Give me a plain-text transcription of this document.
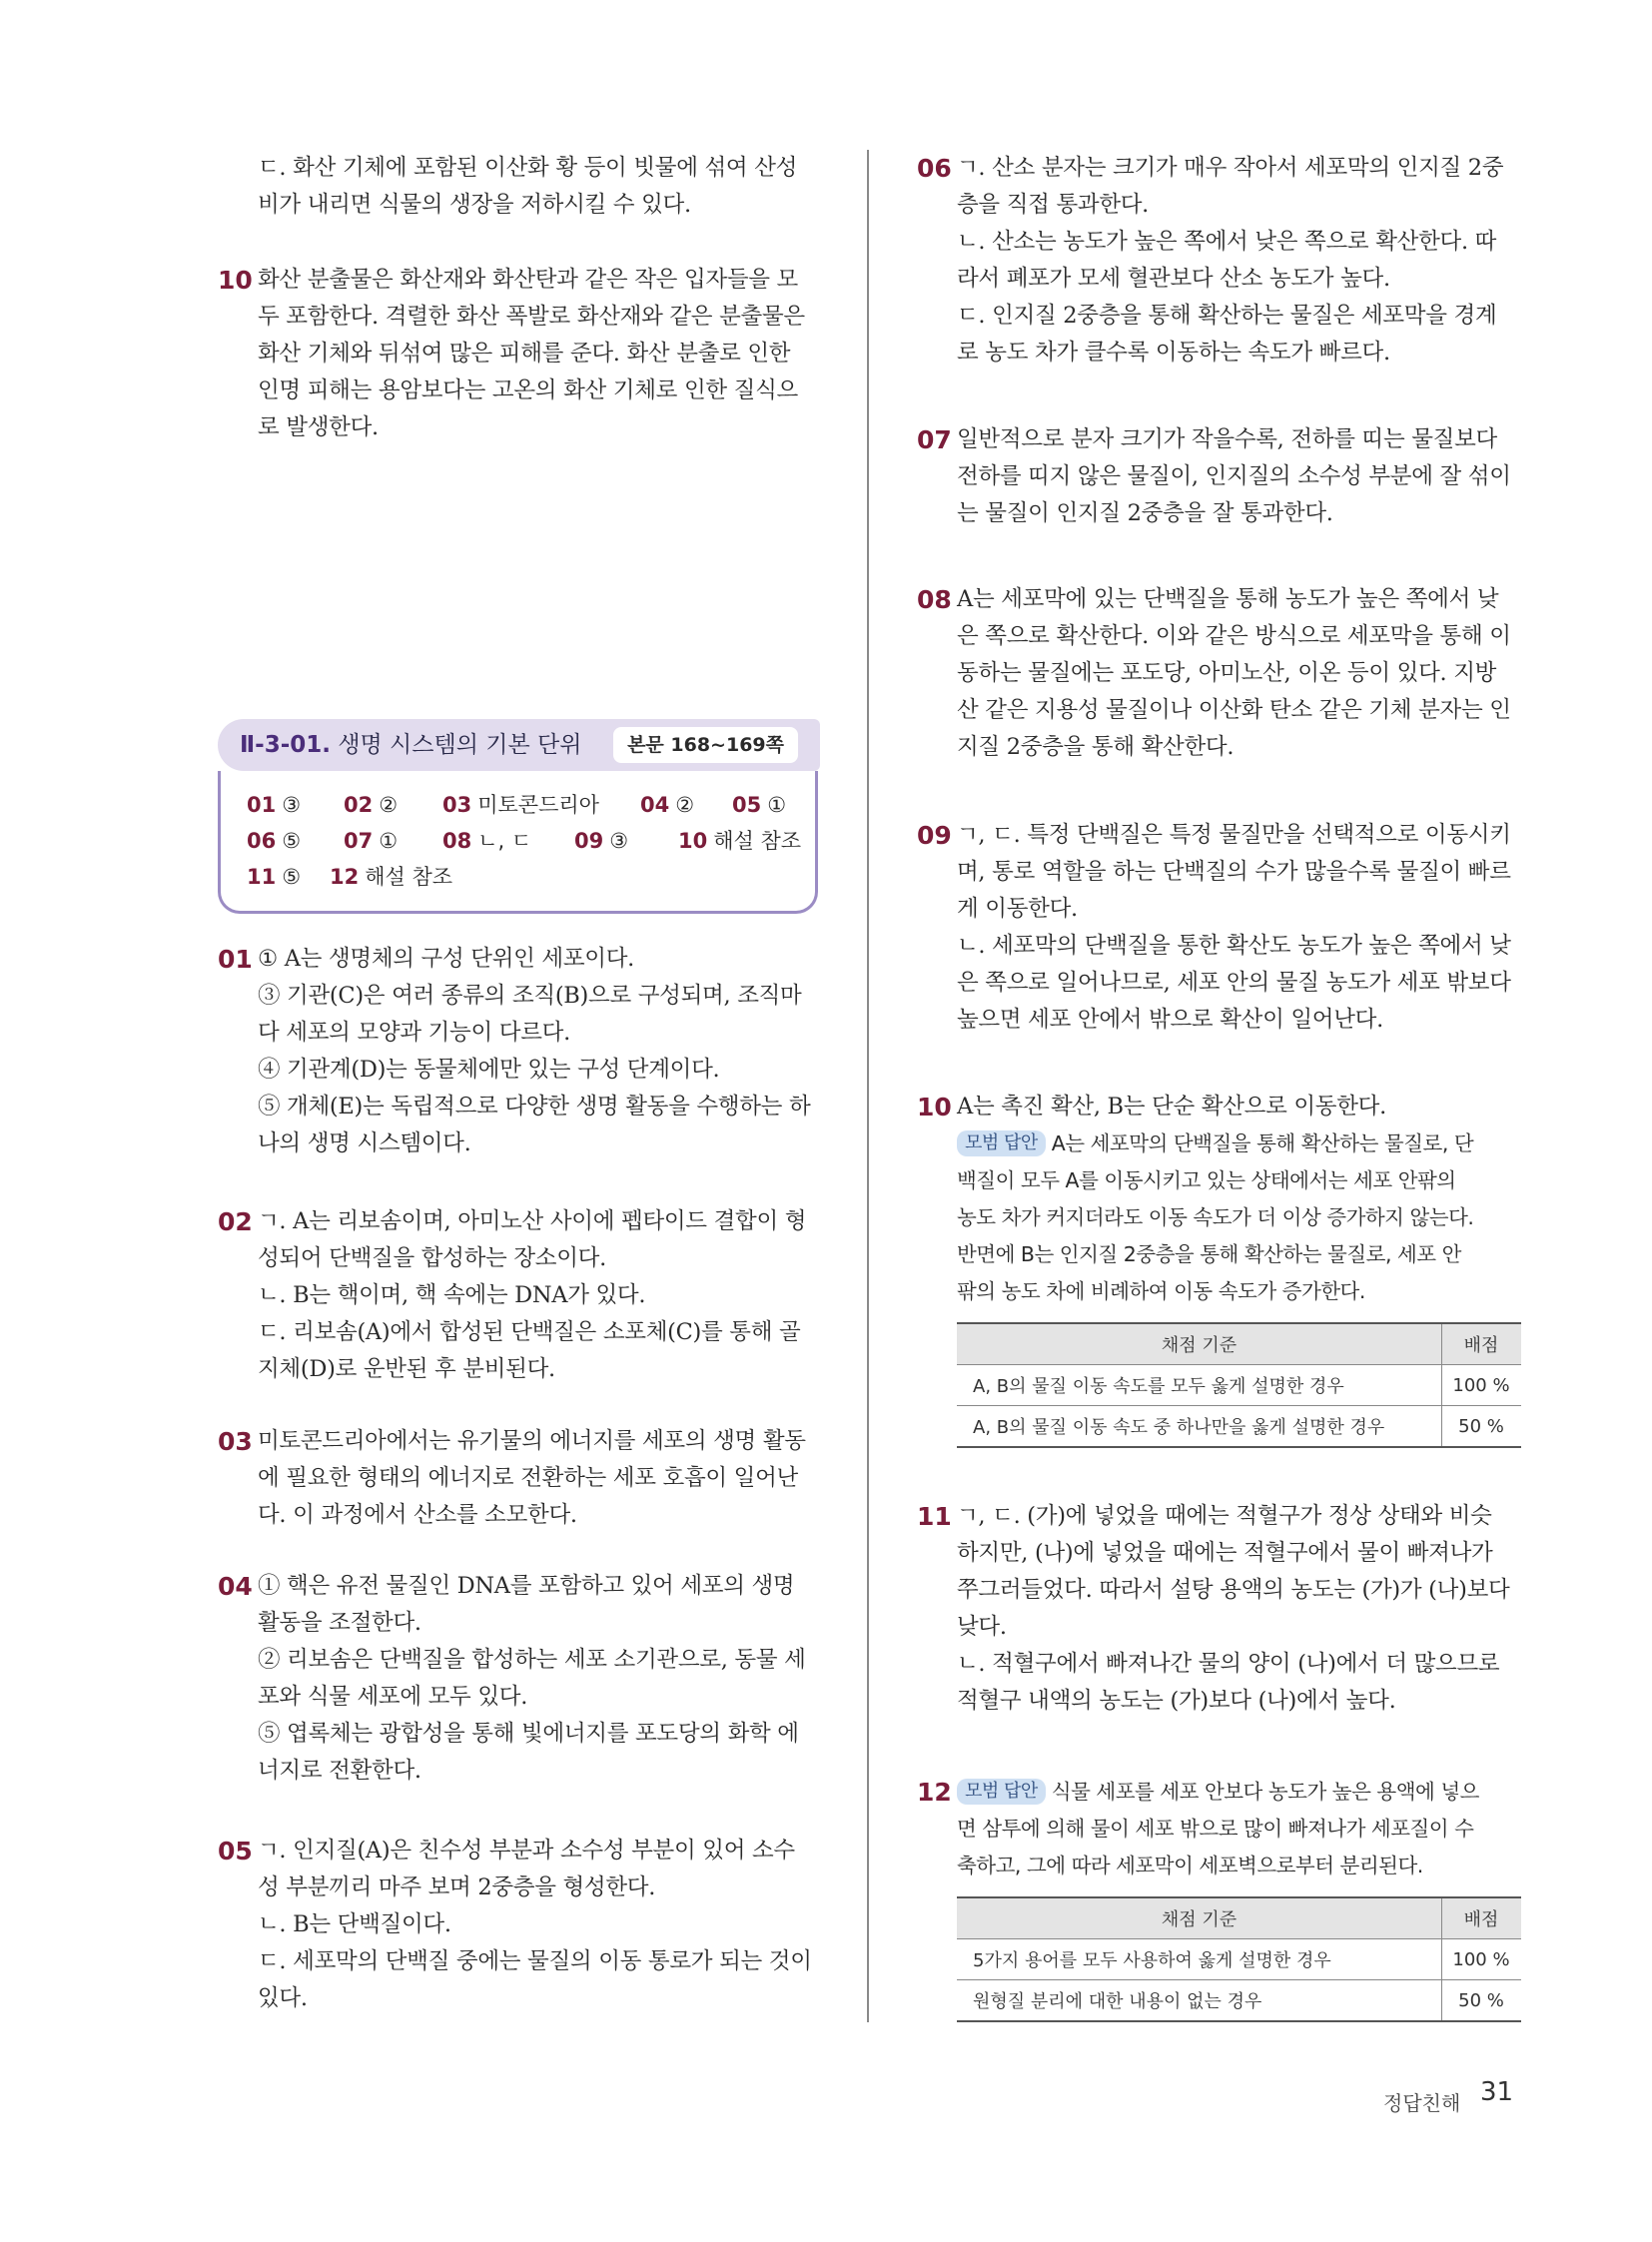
ㄷ. 화산 기체에 포함된 이산화 황 등이 빗물에 섞여 산성
비가 내리면 식물의 생장을 저하시킬 수 있다.
10 화산 분출물은 화산재와 화산탄과 같은 작은 입자들을 모
두 포함한다. 격렬한 화산 폭발로 화산재와 같은 분출물은
화산 기체와 뒤섞여 많은 피해를 준다. 화산 분출로 인한
인명 피해는 용암보다는 고온의 화산 기체로 인한 질식으
로 발생한다.
Ⅱ-3-01. 생명 시스템의 기본 단위	본문 168~169쪽
01 ③ 02 ② 03 미토콘드리아 04 ② 05 ①
06 ⑤ 07 ① 08 ㄴ, ㄷ 09 ③ 10 해설 참조
11 ⑤ 12 해설 참조
01 ① A는 생명체의 구성 단위인 세포이다.
③ 기관(C)은 여러 종류의 조직(B)으로 구성되며, 조직마
다 세포의 모양과 기능이 다르다.
④ 기관계(D)는 동물체에만 있는 구성 단계이다.
⑤ 개체(E)는 독립적으로 다양한 생명 활동을 수행하는 하
나의 생명 시스템이다.
02 ㄱ. A는 리보솜이며, 아미노산 사이에 펩타이드 결합이 형
성되어 단백질을 합성하는 장소이다.
ㄴ. B는 핵이며, 핵 속에는 DNA가 있다.
ㄷ. 리보솜(A)에서 합성된 단백질은 소포체(C)를 통해 골
지체(D)로 운반된 후 분비된다.
03 미토콘드리아에서는 유기물의 에너지를 세포의 생명 활동
에 필요한 형태의 에너지로 전환하는 세포 호흡이 일어난
다. 이 과정에서 산소를 소모한다.
04 ① 핵은 유전 물질인 DNA를 포함하고 있어 세포의 생명
활동을 조절한다.
② 리보솜은 단백질을 합성하는 세포 소기관으로, 동물 세
포와 식물 세포에 모두 있다.
⑤ 엽록체는 광합성을 통해 빛에너지를 포도당의 화학 에
너지로 전환한다.
05 ㄱ. 인지질(A)은 친수성 부분과 소수성 부분이 있어 소수
성 부분끼리 마주 보며 2중층을 형성한다.
ㄴ. B는 단백질이다.
ㄷ. 세포막의 단백질 중에는 물질의 이동 통로가 되는 것이
있다.
06 ㄱ. 산소 분자는 크기가 매우 작아서 세포막의 인지질 2중
층을 직접 통과한다.
ㄴ. 산소는 농도가 높은 쪽에서 낮은 쪽으로 확산한다. 따
라서 폐포가 모세 혈관보다 산소 농도가 높다.
ㄷ. 인지질 2중층을 통해 확산하는 물질은 세포막을 경계
로 농도 차가 클수록 이동하는 속도가 빠르다.
07 일반적으로 분자 크기가 작을수록, 전하를 띠는 물질보다
전하를 띠지 않은 물질이, 인지질의 소수성 부분에 잘 섞이
는 물질이 인지질 2중층을 잘 통과한다.
08 A는 세포막에 있는 단백질을 통해 농도가 높은 쪽에서 낮
은 쪽으로 확산한다. 이와 같은 방식으로 세포막을 통해 이
동하는 물질에는 포도당, 아미노산, 이온 등이 있다. 지방
산 같은 지용성 물질이나 이산화 탄소 같은 기체 분자는 인
지질 2중층을 통해 확산한다.
09 ㄱ, ㄷ. 특정 단백질은 특정 물질만을 선택적으로 이동시키
며, 통로 역할을 하는 단백질의 수가 많을수록 물질이 빠르
게 이동한다.
ㄴ. 세포막의 단백질을 통한 확산도 농도가 높은 쪽에서 낮
은 쪽으로 일어나므로, 세포 안의 물질 농도가 세포 밖보다
높으면 세포 안에서 밖으로 확산이 일어난다.
10 A는 촉진 확산, B는 단순 확산으로 이동한다.
모범 답안 A는 세포막의 단백질을 통해 확산하는 물질로, 단
백질이 모두 A를 이동시키고 있는 상태에서는 세포 안팎의
농도 차가 커지더라도 이동 속도가 더 이상 증가하지 않는다.
반면에 B는 인지질 2중층을 통해 확산하는 물질로, 세포 안
팎의 농도 차에 비례하여 이동 속도가 증가한다.
채점 기준	배점
A, B의 물질 이동 속도를 모두 옳게 설명한 경우	100 %
A, B의 물질 이동 속도 중 하나만을 옳게 설명한 경우	50 %
11 ㄱ, ㄷ. (가)에 넣었을 때에는 적혈구가 정상 상태와 비슷
하지만, (나)에 넣었을 때에는 적혈구에서 물이 빠져나가
쭈그러들었다. 따라서 설탕 용액의 농도는 (가)가 (나)보다
낮다.
ㄴ. 적혈구에서 빠져나간 물의 양이 (나)에서 더 많으므로
적혈구 내액의 농도는 (가)보다 (나)에서 높다.
12 모범 답안 식물 세포를 세포 안보다 농도가 높은 용액에 넣으
면 삼투에 의해 물이 세포 밖으로 많이 빠져나가 세포질이 수
축하고, 그에 따라 세포막이 세포벽으로부터 분리된다.
채점 기준	배점
5가지 용어를 모두 사용하여 옳게 설명한 경우	100 %
원형질 분리에 대한 내용이 없는 경우	50 %
정답친해 31
